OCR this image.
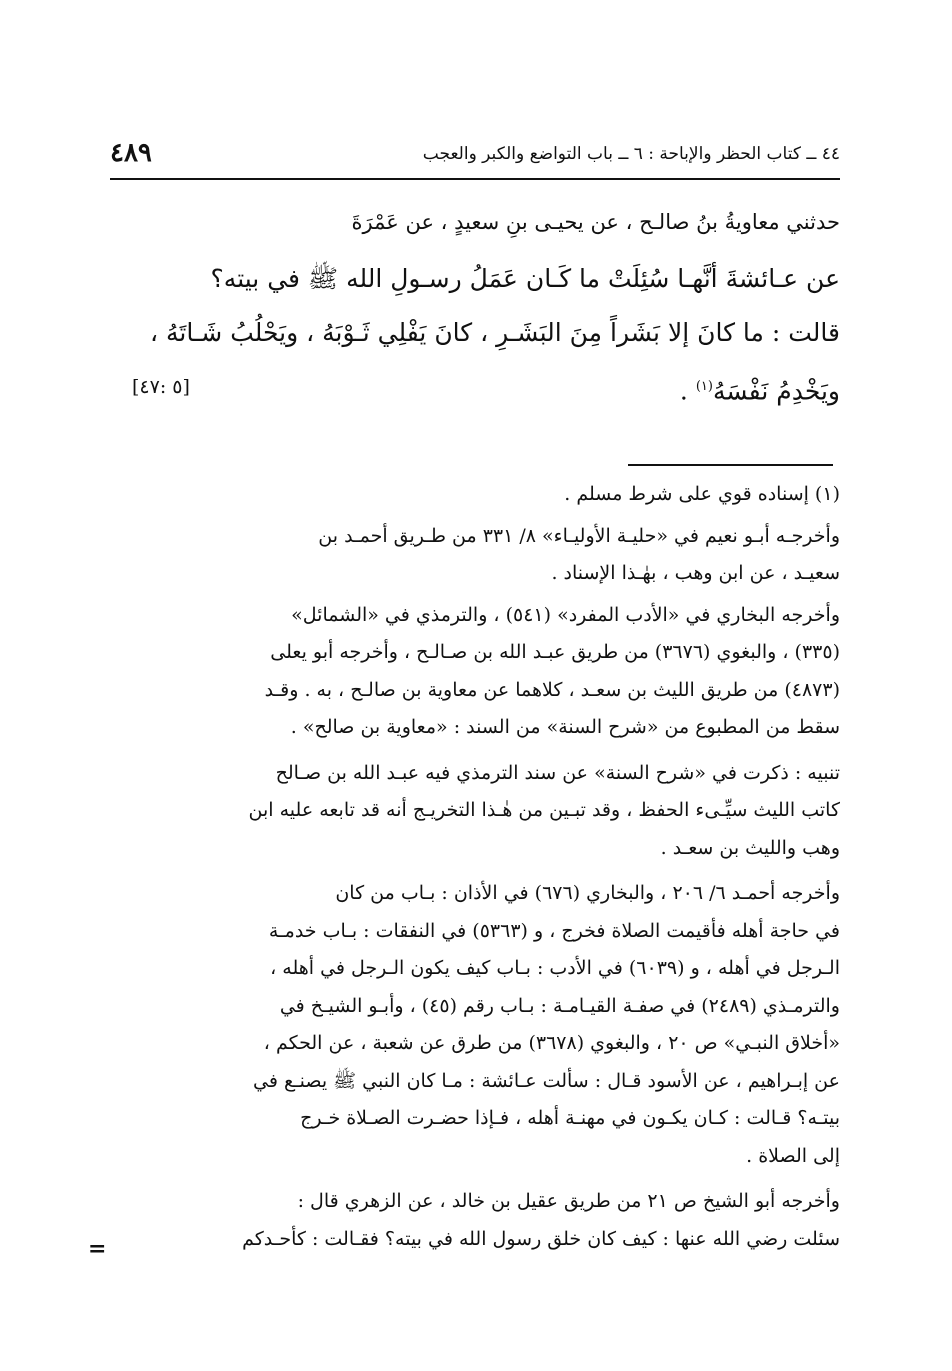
٤٤ ــ كتاب الحظر والإباحة : ٦ ــ باب التواضع والكبر والعجب
٤٨٩

حدثني معاويةُ بنُ صالـح ، عن يحيـى بنِ سعيدٍ ، عن عَمْرَةَ

عن عـائشةَ أنَّهـا سُئِلَتْ ما كَـان عَمَلُ رسـولِ الله ﷺ في بيته؟
قالت : ما كانَ إلا بَشَراً مِنَ البَشَـرِ ، كانَ يَفْلِي ثَـوْبَهُ ، ويَحْلُبُ شَـاتَهُ ،
ويَخْدِمُ نَفْسَهُ$^{(١)}$ .
[٥ :٤٧]
(١) إسناده قوي على شرط مسلم .
وأخرجـه أبـو نعيم في «حليـة الأوليـاء» ٨/ ٣٣١ من طـريق أحمـد بن
سعيـد ، عن ابن وهب ، بهٰـذا الإسناد .
وأخرجه البخاري في «الأدب المفرد» (٥٤١) ، والترمذي في «الشمائل»
(٣٣٥) ، والبغوي (٣٦٧٦) من طريق عبـد الله بن صـالـح ، وأخرجه أبو يعلى
(٤٨٧٣) من طريق الليث بن سعـد ، كلاهما عن معاوية بن صالـح ، به . وقـد
سقط من المطبوع من «شرح السنة» من السند : «معاوية بن صالح» .
تنبيه : ذكرت في «شرح السنة» عن سند الترمذي فيه عبـد الله بن صـالح
كاتب الليث سيِّـىء الحفظ ، وقد تبـين من هٰـذا التخريـج أنه قد تابعه عليه ابن
وهب والليث بن سعـد .
وأخرجه أحمـد ٦/ ٢٠٦ ، والبخاري (٦٧٦) في الأذان : بـاب من كان
في حاجة أهله فأقيمت الصلاة فخرج ، و (٥٣٦٣) في النفقات : بـاب خدمـة
الـرجل في أهله ، و (٦٠٣٩) في الأدب : بـاب كيف يكون الـرجل في أهله ،
والترمـذي (٢٤٨٩) في صفـة القيـامـة : بـاب رقم (٤٥) ، وأبـو الشيـخ في
«أخلاق النبـي» ص ٢٠ ، والبغوي (٣٦٧٨) من طرق عن شعبة ، عن الحكم ،
عن إبـراهيم ، عن الأسود قـال : سألت عـائشة : مـا كان النبي ﷺ يصنـع في
بيتـه؟ قـالت : كـان يكـون في مهنـة أهله ، فـإذا حضـرت الصـلاة خـرج
إلى الصلاة .
وأخرجه أبو الشيخ ص ٢١ من طريق عقيل بن خالد ، عن الزهري قال :
سئلت رضي الله عنها : كيف كان خلق رسول الله في بيته؟ فقـالت : كأحـدكم
=
